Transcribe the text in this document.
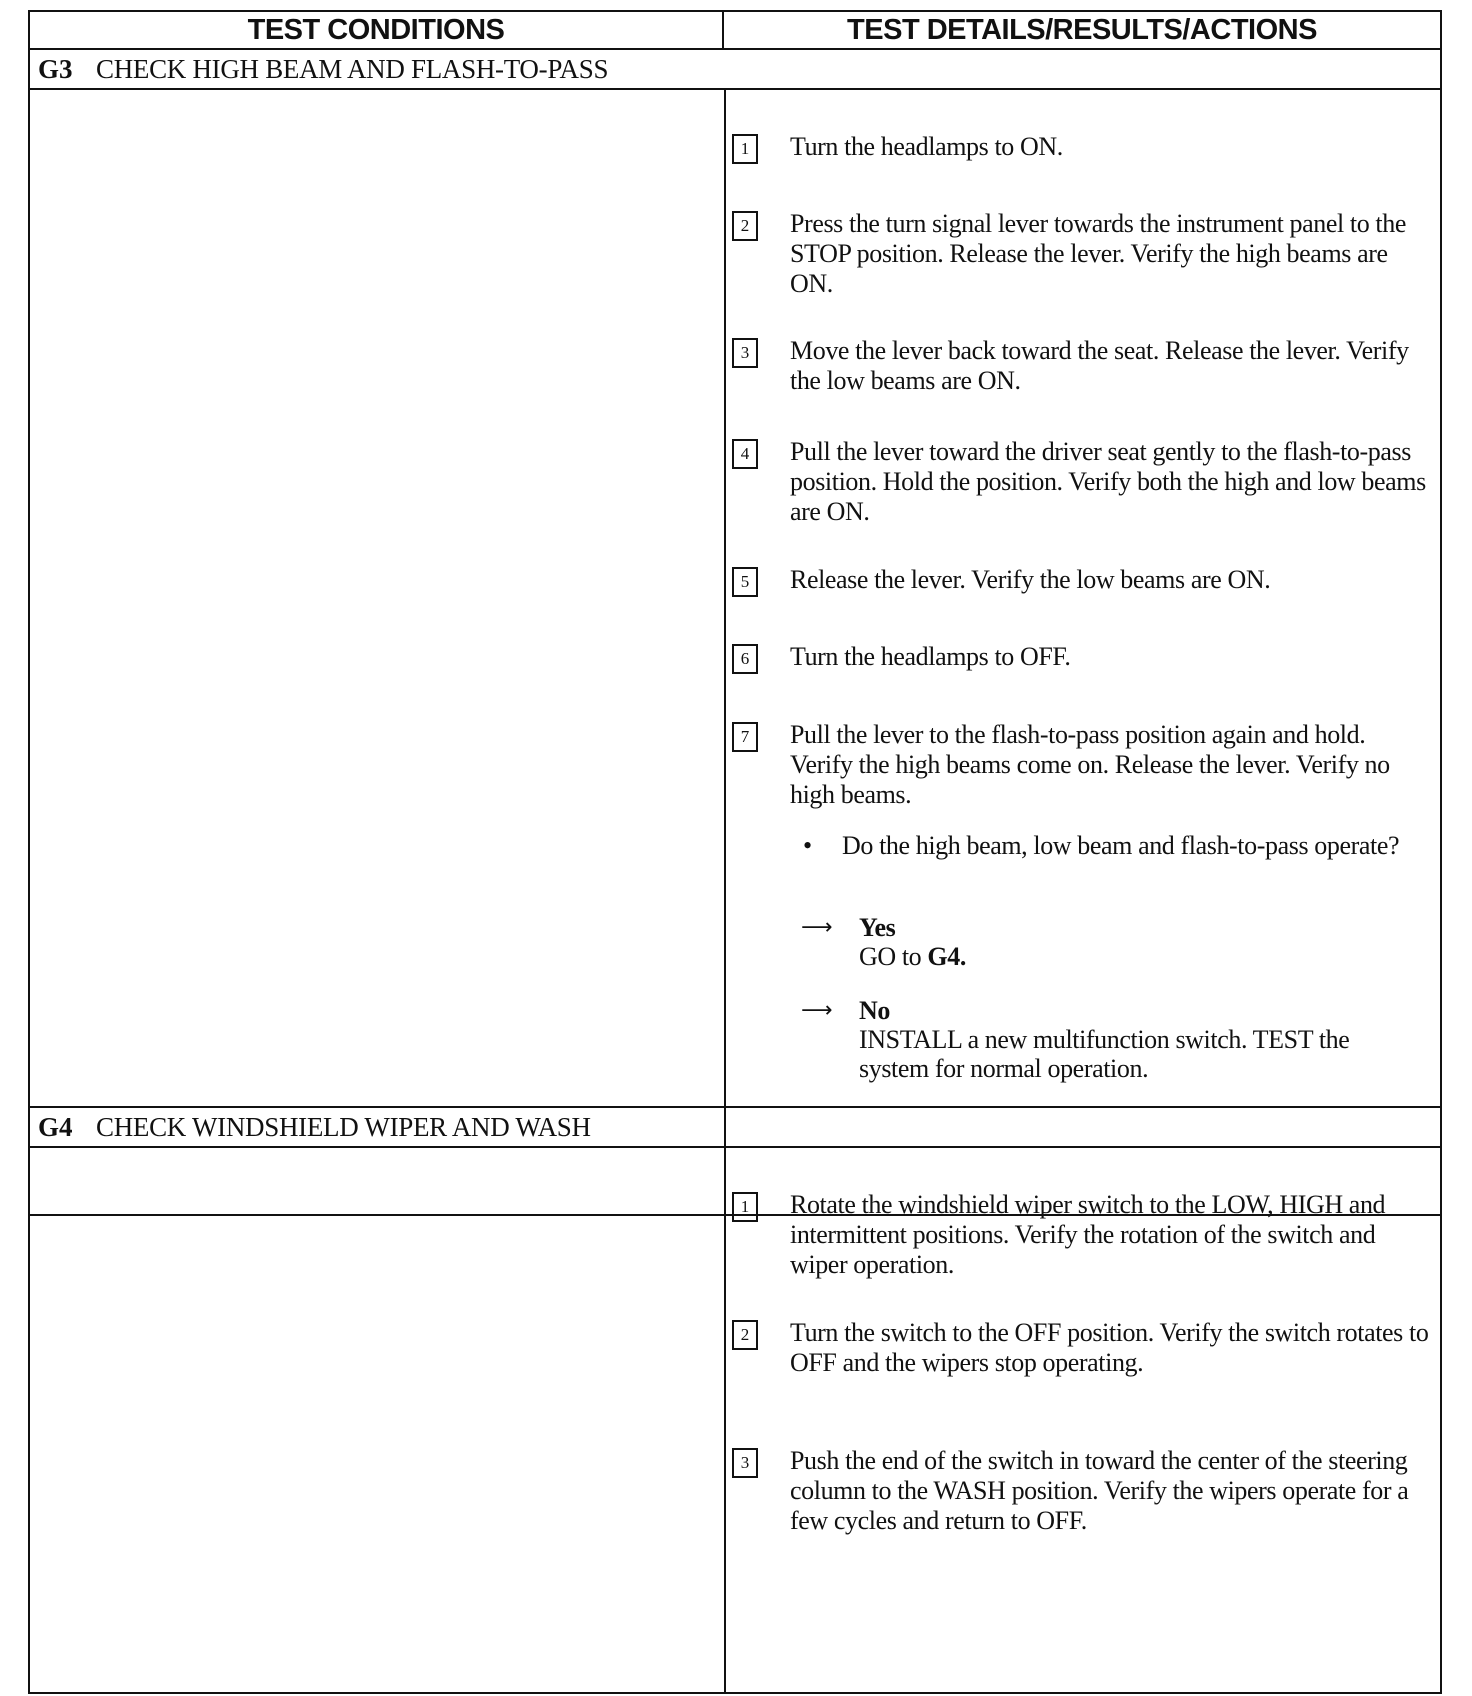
TEST CONDITIONS	TEST DETAILS/RESULTS/ACTIONS
G3 CHECK HIGH BEAM AND FLASH-TO-PASS
1	Turn the headlamps to ON.
2	Press the turn signal lever towards the instrument panel to the STOP position. Release the lever. Verify the high beams are ON.
3	Move the lever back toward the seat. Release the lever. Verify the low beams are ON.
4	Pull the lever toward the driver seat gently to the flash-to-pass position. Hold the position. Verify both the high and low beams are ON.
5	Release the lever. Verify the low beams are ON.
6	Turn the headlamps to OFF.
7	Pull the lever to the flash-to-pass position again and hold. Verify the high beams come on. Release the lever. Verify no high beams.
• Do the high beam, low beam and flash-to-pass operate?
⟶ Yes
GO to G4.
⟶ No
INSTALL a new multifunction switch. TEST the system for normal operation.
G4 CHECK WINDSHIELD WIPER AND WASH
1	Rotate the windshield wiper switch to the LOW, HIGH and intermittent positions. Verify the rotation of the switch and wiper operation.
2	Turn the switch to the OFF position. Verify the switch rotates to OFF and the wipers stop operating.
3	Push the end of the switch in toward the center of the steering column to the WASH position. Verify the wipers operate for a few cycles and return to OFF.
